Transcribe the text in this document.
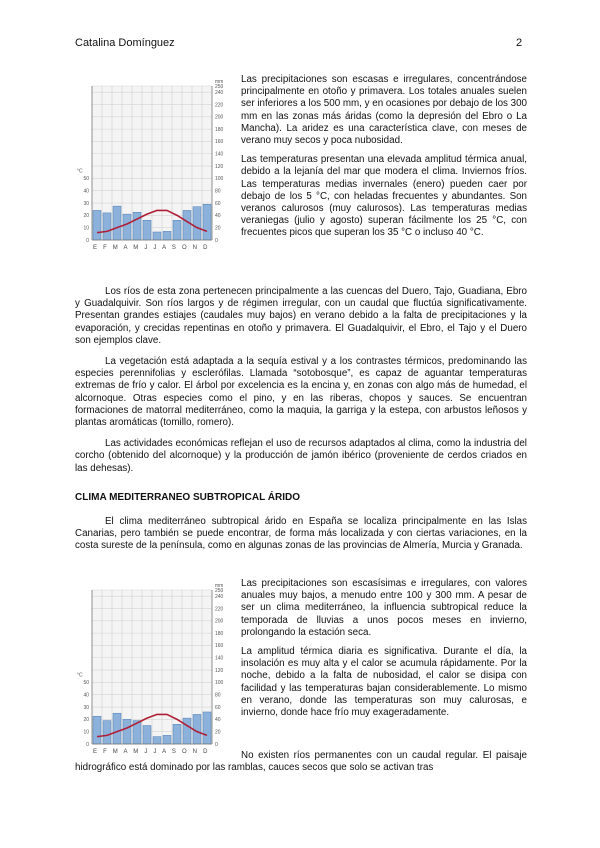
Catalina Domínguez	2
mm
250
240
220
200
180
160
140
120
100
80
60
40
20
0
°C
50
40
30
20
10
0
E F M A M J J A S O N D

Las precipitaciones son escasas e irregulares, concentrándose principalmente en otoño y primavera. Los totales anuales suelen ser inferiores a los 500 mm, y en ocasiones por debajo de los 300 mm en las zonas más áridas (como la depresión del Ebro o La Mancha). La aridez es una característica clave, con meses de verano muy secos y poca nubosidad.

Las temperaturas presentan una elevada amplitud térmica anual, debido a la lejanía del mar que modera el clima. Inviernos fríos. Las temperaturas medias invernales (enero) pueden caer por debajo de los 5 °C, con heladas frecuentes y abundantes. Son veranos calurosos (muy calurosos). Las temperaturas medias veraniegas (julio y agosto) superan fácilmente los 25 °C, con frecuentes picos que superan los 35 °C o incluso 40 °C.

Los ríos de esta zona pertenecen principalmente a las cuencas del Duero, Tajo, Guadiana, Ebro y Guadalquivir. Son ríos largos y de régimen irregular, con un caudal que fluctúa significativamente. Presentan grandes estiajes (caudales muy bajos) en verano debido a la falta de precipitaciones y la evaporación, y crecidas repentinas en otoño y primavera. El Guadalquivir, el Ebro, el Tajo y el Duero son ejemplos clave.

La vegetación está adaptada a la sequía estival y a los contrastes térmicos, predominando las especies perennifolias y esclerófilas. Llamada “sotobosque”, es capaz de aguantar temperaturas extremas de frío y calor. El árbol por excelencia es la encina y, en zonas con algo más de humedad, el alcornoque. Otras especies como el pino, y en las riberas, chopos y sauces. Se encuentran formaciones de matorral mediterráneo, como la maquia, la garriga y la estepa, con arbustos leñosos y plantas aromáticas (tomillo, romero).

Las actividades económicas reflejan el uso de recursos adaptados al clima, como la industria del corcho (obtenido del alcornoque) y la producción de jamón ibérico (proveniente de cerdos criados en las dehesas).

CLIMA MEDITERRANEO SUBTROPICAL ÁRIDO

El clima mediterráneo subtropical árido en España se localiza principalmente en las Islas Canarias, pero también se puede encontrar, de forma más localizada y con ciertas variaciones, en la costa sureste de la península, como en algunas zonas de las provincias de Almería, Murcia y Granada.

mm
250
240
220
200
180
160
140
120
100
80
60
40
20
0
°C
50
40
30
20
10
0
E F M A M J J A S O N D

Las precipitaciones son escasísimas e irregulares, con valores anuales muy bajos, a menudo entre 100 y 300 mm. A pesar de ser un clima mediterráneo, la influencia subtropical reduce la temporada de lluvias a unos pocos meses en invierno, prolongando la estación seca.

La amplitud térmica diaria es significativa. Durante el día, la insolación es muy alta y el calor se acumula rápidamente. Por la noche, debido a la falta de nubosidad, el calor se disipa con facilidad y las temperaturas bajan considerablemente. Lo mismo en verano, donde las temperaturas son muy calurosas, e invierno, donde hace frío muy exageradamente.

No existen ríos permanentes con un caudal regular. El paisaje hidrográfico está dominado por las ramblas, cauces secos que solo se activan tras
